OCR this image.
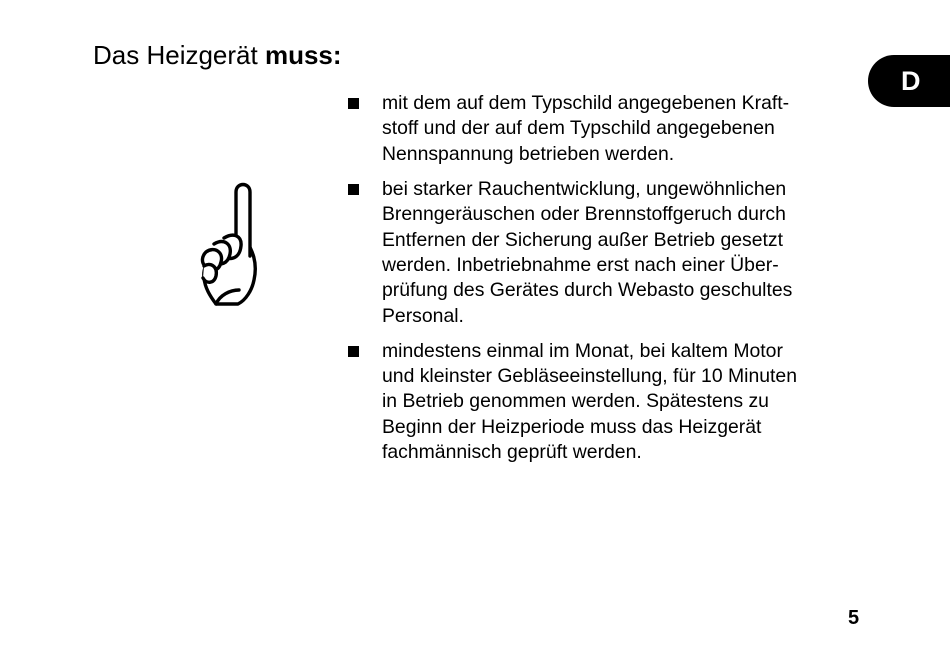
Das Heizgerät muss:
D
mit dem auf dem Typschild angegebenen Kraft-
stoff und der auf dem Typschild angegebenen
Nennspannung betrieben werden.
bei starker Rauchentwicklung, ungewöhnlichen
Brenngeräuschen oder Brennstoffgeruch durch
Entfernen der Sicherung außer Betrieb gesetzt
werden. Inbetriebnahme erst nach einer Über-
prüfung des Gerätes durch Webasto geschultes
Personal.
mindestens einmal im Monat, bei kaltem Motor
und kleinster Gebläseeinstellung, für 10 Minuten
in Betrieb genommen werden. Spätestens zu
Beginn der Heizperiode muss das Heizgerät
fachmännisch geprüft werden.
5
